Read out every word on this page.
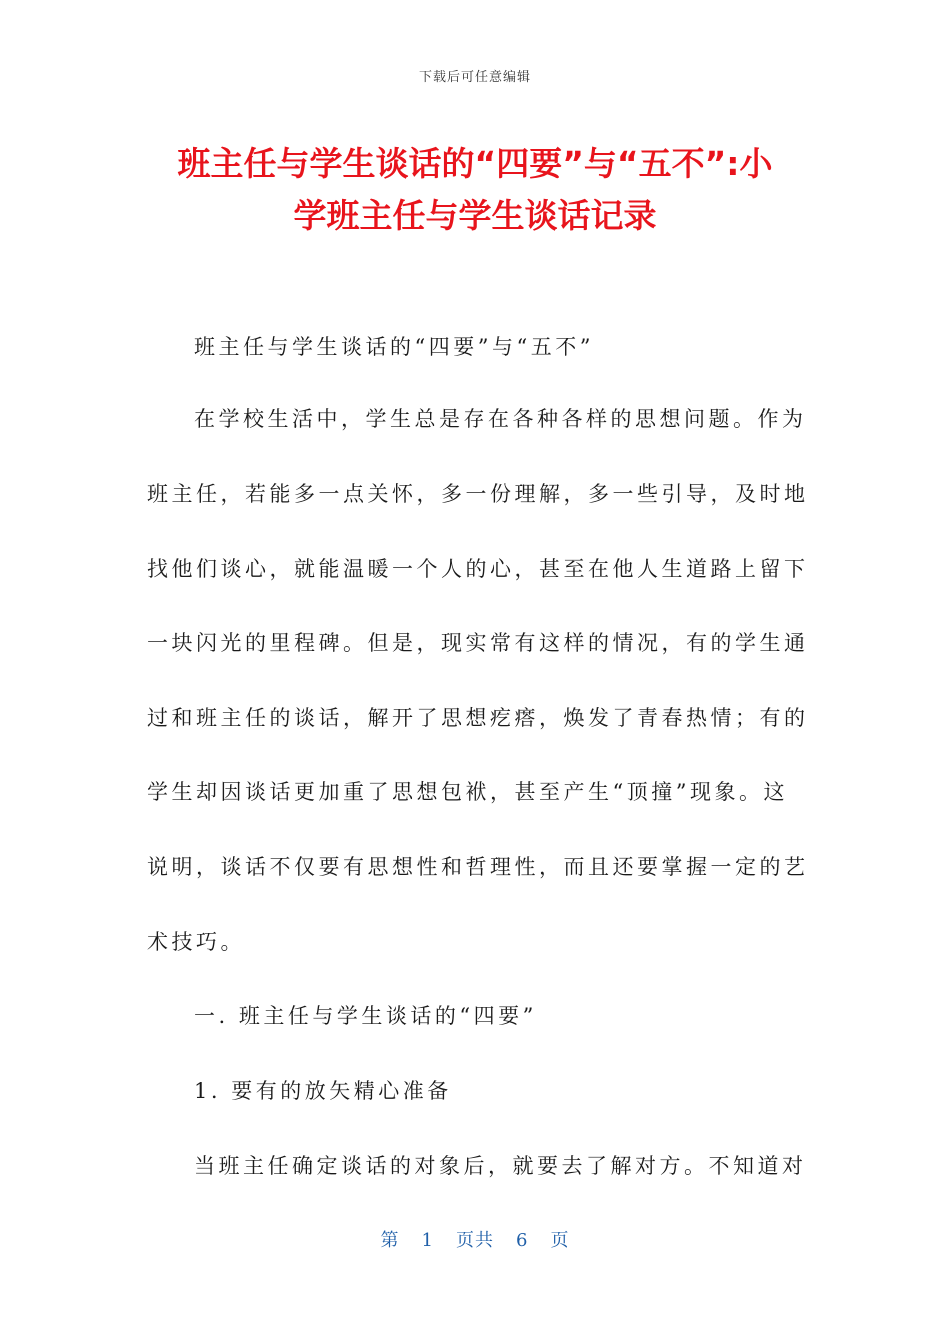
下载后可任意编辑
班主任与学生谈话的“四要”与“五不”:小
学班主任与学生谈话记录
班主任与学生谈话的“四要”与“五不”
在学校生活中，学生总是存在各种各样的思想问题。作为
班主任，若能多一点关怀，多一份理解，多一些引导，及时地
找他们谈心，就能温暖一个人的心，甚至在他人生道路上留下
一块闪光的里程碑。但是，现实常有这样的情况，有的学生通
过和班主任的谈话，解开了思想疙瘩，焕发了青春热情；有的
学生却因谈话更加重了思想包袱，甚至产生“顶撞”现象。这
说明，谈话不仅要有思想性和哲理性，而且还要掌握一定的艺
术技巧。
一. 班主任与学生谈话的“四要”
1. 要有的放矢精心准备
当班主任确定谈话的对象后，就要去了解对方。不知道对
第 1 页共 6 页
